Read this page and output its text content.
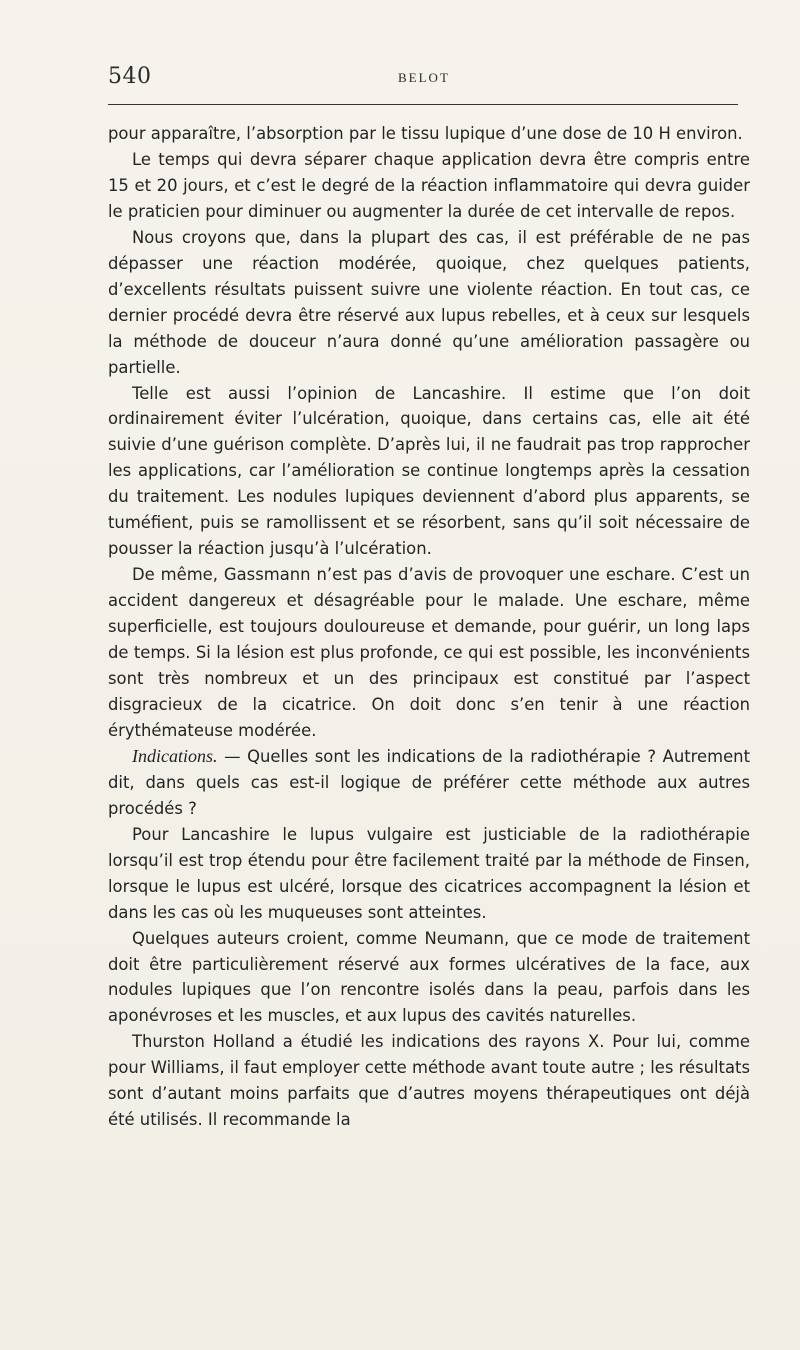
540	BELOT

pour apparaître, l’absorption par le tissu lupique d’une dose de 10 H environ.

Le temps qui devra séparer chaque application devra être compris entre 15 et 20 jours, et c’est le degré de la réaction inflammatoire qui devra guider le praticien pour diminuer ou augmenter la durée de cet intervalle de repos.

Nous croyons que, dans la plupart des cas, il est préférable de ne pas dépasser une réaction modérée, quoique, chez quelques patients, d’excellents résultats puissent suivre une violente réaction. En tout cas, ce dernier procédé devra être réservé aux lupus rebelles, et à ceux sur lesquels la méthode de douceur n’aura donné qu’une amélioration passagère ou partielle.

Telle est aussi l’opinion de Lancashire. Il estime que l’on doit ordinairement éviter l’ulcération, quoique, dans certains cas, elle ait été suivie d’une guérison complète. D’après lui, il ne faudrait pas trop rapprocher les applications, car l’amélioration se continue longtemps après la cessation du traitement. Les nodules lupiques deviennent d’abord plus apparents, se tuméfient, puis se ramollissent et se résorbent, sans qu’il soit nécessaire de pousser la réaction jusqu’à l’ulcération.

De même, Gassmann n’est pas d’avis de provoquer une eschare. C’est un accident dangereux et désagréable pour le malade. Une eschare, même superficielle, est toujours douloureuse et demande, pour guérir, un long laps de temps. Si la lésion est plus profonde, ce qui est possible, les inconvénients sont très nombreux et un des principaux est constitué par l’aspect disgracieux de la cicatrice. On doit donc s’en tenir à une réaction érythémateuse modérée.

Indications. — Quelles sont les indications de la radiothérapie ? Autrement dit, dans quels cas est-il logique de préférer cette méthode aux autres procédés ?

Pour Lancashire le lupus vulgaire est justiciable de la radiothérapie lorsqu’il est trop étendu pour être facilement traité par la méthode de Finsen, lorsque le lupus est ulcéré, lorsque des cicatrices accompagnent la lésion et dans les cas où les muqueuses sont atteintes.

Quelques auteurs croient, comme Neumann, que ce mode de traitement doit être particulièrement réservé aux formes ulcératives de la face, aux nodules lupiques que l’on rencontre isolés dans la peau, parfois dans les aponévroses et les muscles, et aux lupus des cavités naturelles.

Thurston Holland a étudié les indications des rayons X. Pour lui, comme pour Williams, il faut employer cette méthode avant toute autre ; les résultats sont d’autant moins parfaits que d’autres moyens thérapeutiques ont déjà été utilisés. Il recommande la
